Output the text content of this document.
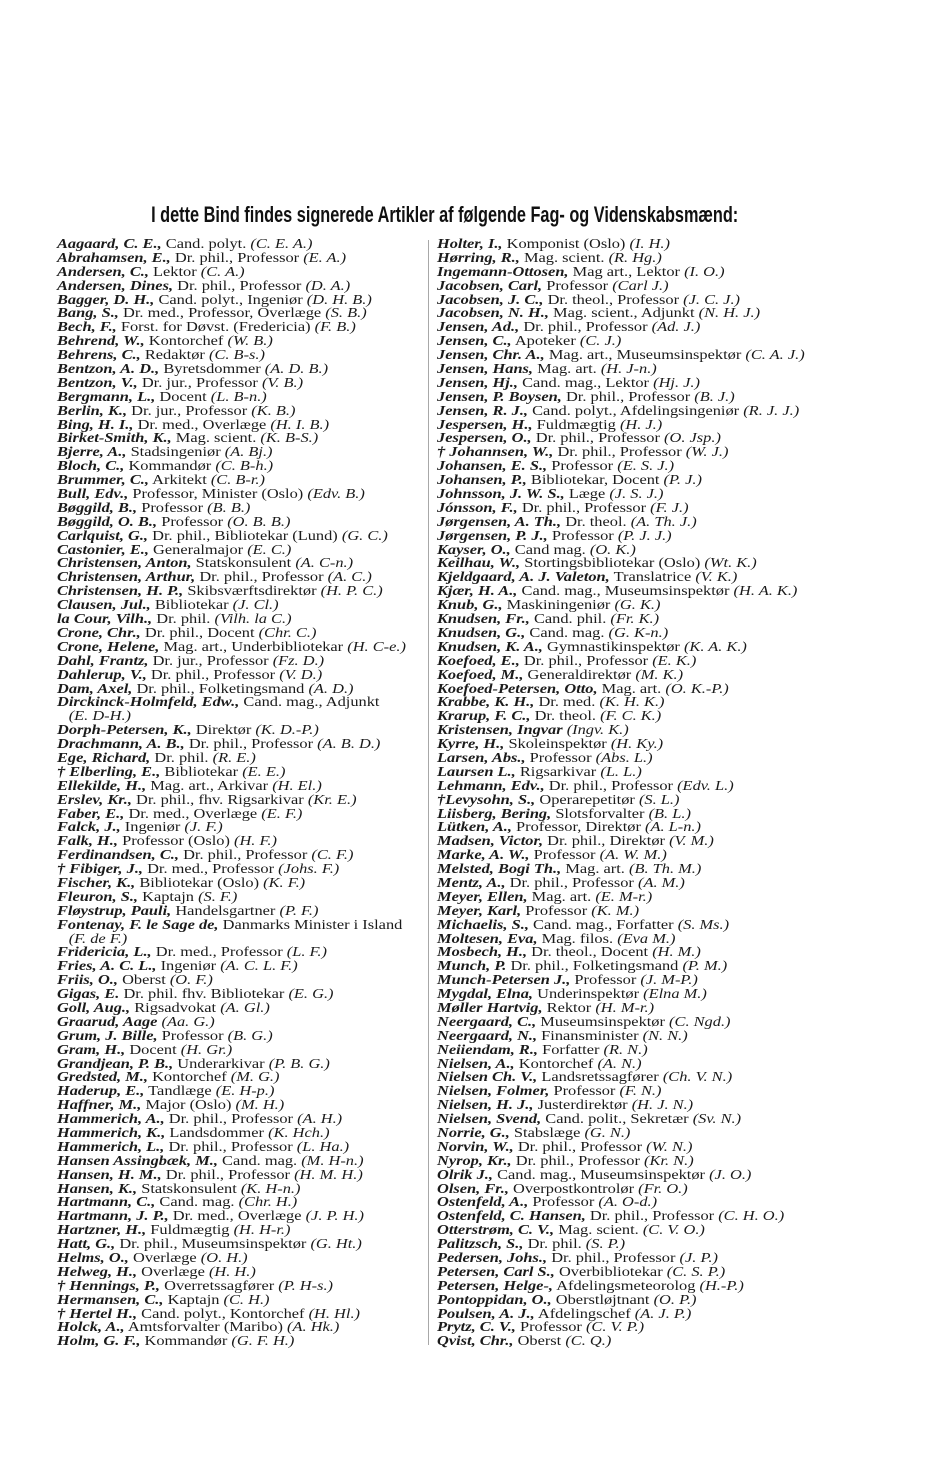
I dette Bind findes signerede Artikler af følgende Fag- og Videnskabsmænd:
Aagaard, C. E., Cand. polyt. (C. E. A.)
Abrahamsen, E., Dr. phil., Professor (E. A.)
Andersen, C., Lektor (C. A.)
Andersen, Dines, Dr. phil., Professor (D. A.)
Bagger, D. H., Cand. polyt., Ingeniør (D. H. B.)
Bang, S., Dr. med., Professor, Overlæge (S. B.)
Bech, F., Forst. for Døvst. (Fredericia) (F. B.)
Behrend, W., Kontorchef (W. B.)
Behrens, C., Redaktør (C. B-s.)
Bentzon, A. D., Byretsdommer (A. D. B.)
Bentzon, V., Dr. jur., Professor (V. B.)
Bergmann, L., Docent (L. B-n.)
Berlin, K., Dr. jur., Professor (K. B.)
Bing, H. I., Dr. med., Overlæge (H. I. B.)
Birket-Smith, K., Mag. scient. (K. B-S.)
Bjerre, A., Stadsingeniør (A. Bj.)
Bloch, C., Kommandør (C. B-h.)
Brummer, C., Arkitekt (C. B-r.)
Bull, Edv., Professor, Minister (Oslo) (Edv. B.)
Bøggild, B., Professor (B. B.)
Bøggild, O. B., Professor (O. B. B.)
Carlquist, G., Dr. phil., Bibliotekar (Lund) (G. C.)
Castonier, E., Generalmajor (E. C.)
Christensen, Anton, Statskonsulent (A. C-n.)
Christensen, Arthur, Dr. phil., Professor (A. C.)
Christensen, H. P., Skibsværftsdirektør (H. P. C.)
Clausen, Jul., Bibliotekar (J. Cl.)
la Cour, Vilh., Dr. phil. (Vilh. la C.)
Crone, Chr., Dr. phil., Docent (Chr. C.)
Crone, Helene, Mag. art., Underbibliotekar (H. C-e.)
Dahl, Frantz, Dr. jur., Professor (Fz. D.)
Dahlerup, V., Dr. phil., Professor (V. D.)
Dam, Axel, Dr. phil., Folketingsmand (A. D.)
Dirckinck-Holmfeld, Edw., Cand. mag., Adjunkt
(E. D-H.)
Dorph-Petersen, K., Direktør (K. D.-P.)
Drachmann, A. B., Dr. phil., Professor (A. B. D.)
Ege, Richard, Dr. phil. (R. E.)
† Elberling, E., Bibliotekar (E. E.)
Ellekilde, H., Mag. art., Arkivar (H. El.)
Erslev, Kr., Dr. phil., fhv. Rigsarkivar (Kr. E.)
Faber, E., Dr. med., Overlæge (E. F.)
Falck, J., Ingeniør (J. F.)
Falk, H., Professor (Oslo) (H. F.)
Ferdinandsen, C., Dr. phil., Professor (C. F.)
† Fibiger, J., Dr. med., Professor (Johs. F.)
Fischer, K., Bibliotekar (Oslo) (K. F.)
Fleuron, S., Kaptajn (S. F.)
Fløystrup, Pauli, Handelsgartner (P. F.)
Fontenay, F. le Sage de, Danmarks Minister i Island
(F. de F.)
Fridericia, L., Dr. med., Professor (L. F.)
Fries, A. C. L., Ingeniør (A. C. L. F.)
Friis, O., Oberst (O. F.)
Gigas, E. Dr. phil. fhv. Bibliotekar (E. G.)
Goll, Aug., Rigsadvokat (A. Gl.)
Graarud, Aage (Aa. G.)
Grum, J. Bille, Professor (B. G.)
Gram, H., Docent (H. Gr.)
Grandjean, P. B., Underarkivar (P. B. G.)
Gredsted, M., Kontorchef (M. G.)
Haderup, E., Tandlæge (E. H-p.)
Haffner, M., Major (Oslo) (M. H.)
Hammerich, A., Dr. phil., Professor (A. H.)
Hammerich, K., Landsdommer (K. Hch.)
Hammerich, L., Dr. phil., Professor (L. Ha.)
Hansen Assingbæk, M., Cand. mag. (M. H-n.)
Hansen, H. M., Dr. phil., Professor (H. M. H.)
Hansen, K., Statskonsulent (K. H-n.)
Hartmann, C., Cand. mag. (Chr. H.)
Hartmann, J. P., Dr. med., Overlæge (J. P. H.)
Hartzner, H., Fuldmægtig (H. H-r.)
Hatt, G., Dr. phil., Museumsinspektør (G. Ht.)
Helms, O., Overlæge (O. H.)
Helweg, H., Overlæge (H. H.)
† Hennings, P., Overretssagfører (P. H-s.)
Hermansen, C., Kaptajn (C. H.)
† Hertel H., Cand. polyt., Kontorchef (H. Hl.)
Holck, A., Amtsforvalter (Maribo) (A. Hk.)
Holm, G. F., Kommandør (G. F. H.)
Holter, I., Komponist (Oslo) (I. H.)
Hørring, R., Mag. scient. (R. Hg.)
Ingemann-Ottosen, Mag art., Lektor (I. O.)
Jacobsen, Carl, Professor (Carl J.)
Jacobsen, J. C., Dr. theol., Professor (J. C. J.)
Jacobsen, N. H., Mag. scient., Adjunkt (N. H. J.)
Jensen, Ad., Dr. phil., Professor (Ad. J.)
Jensen, C., Apoteker (C. J.)
Jensen, Chr. A., Mag. art., Museumsinspektør (C. A. J.)
Jensen, Hans, Mag. art. (H. J-n.)
Jensen, Hj., Cand. mag., Lektor (Hj. J.)
Jensen, P. Boysen, Dr. phil., Professor (B. J.)
Jensen, R. J., Cand. polyt., Afdelingsingeniør (R. J. J.)
Jespersen, H., Fuldmægtig (H. J.)
Jespersen, O., Dr. phil., Professor (O. Jsp.)
† Johannsen, W., Dr. phil., Professor (W. J.)
Johansen, E. S., Professor (E. S. J.)
Johansen, P., Bibliotekar, Docent (P. J.)
Johnsson, J. W. S., Læge (J. S. J.)
Jónsson, F., Dr. phil., Professor (F. J.)
Jørgensen, A. Th., Dr. theol. (A. Th. J.)
Jørgensen, P. J., Professor (P. J. J.)
Kayser, O., Cand mag. (O. K.)
Keilhau, W., Stortingsbibliotekar (Oslo) (Wt. K.)
Kjeldgaard, A. J. Valeton, Translatrice (V. K.)
Kjær, H. A., Cand. mag., Museumsinspektør (H. A. K.)
Knub, G., Maskiningeniør (G. K.)
Knudsen, Fr., Cand. phil. (Fr. K.)
Knudsen, G., Cand. mag. (G. K-n.)
Knudsen, K. A., Gymnastikinspektør (K. A. K.)
Koefoed, E., Dr. phil., Professor (E. K.)
Koefoed, M., Generaldirektør (M. K.)
Koefoed-Petersen, Otto, Mag. art. (O. K.-P.)
Krabbe, K. H., Dr. med. (K. H. K.)
Krarup, F. C., Dr. theol. (F. C. K.)
Kristensen, Ingvar (Ingv. K.)
Kyrre, H., Skoleinspektør (H. Ky.)
Larsen, Abs., Professor (Abs. L.)
Laursen L., Rigsarkivar (L. L.)
Lehmann, Edv., Dr. phil., Professor (Edv. L.)
†Levysohn, S., Operarepetitør (S. L.)
Liisberg, Bering, Slotsforvalter (B. L.)
Lütken, A., Professor, Direktør (A. L-n.)
Madsen, Victor, Dr. phil., Direktør (V. M.)
Marke, A. W., Professor (A. W. M.)
Melsted, Bogi Th., Mag. art. (B. Th. M.)
Mentz, A., Dr. phil., Professor (A. M.)
Meyer, Ellen, Mag. art. (E. M-r.)
Meyer, Karl, Professor (K. M.)
Michaelis, S., Cand. mag., Forfatter (S. Ms.)
Moltesen, Eva, Mag. filos. (Eva M.)
Mosbech, H., Dr. theol., Docent (H. M.)
Munch, P. Dr. phil., Folketingsmand (P. M.)
Munch-Petersen J., Professor (J. M-P.)
Mygdal, Elna, Underinspektør (Elna M.)
Møller Hartvig, Rektor (H. M-r.)
Neergaard, C., Museumsinspektør (C. Ngd.)
Neergaard, N., Finansminister (N. N.)
Neiiendam, R., Forfatter (R. N.)
Nielsen, A., Kontorchef (A. N.)
Nielsen Ch. V., Landsretssagfører (Ch. V. N.)
Nielsen, Folmer, Professor (F. N.)
Nielsen, H. J., Justerdirektør (H. J. N.)
Nielsen, Svend, Cand. polit., Sekretær (Sv. N.)
Norrie, G., Stabslæge (G. N.)
Norvin, W., Dr. phil., Professor (W. N.)
Nyrop, Kr., Dr. phil., Professor (Kr. N.)
Olrik J., Cand. mag., Museumsinspektør (J. O.)
Olsen, Fr., Overpostkontrolør (Fr. O.)
Ostenfeld, A., Professor (A. O-d.)
Ostenfeld, C. Hansen, Dr. phil., Professor (C. H. O.)
Otterstrøm, C. V., Mag. scient. (C. V. O.)
Palitzsch, S., Dr. phil. (S. P.)
Pedersen, Johs., Dr. phil., Professor (J. P.)
Petersen, Carl S., Overbibliotekar (C. S. P.)
Petersen, Helge-, Afdelingsmeteorolog (H.-P.)
Pontoppidan, O., Oberstløjtnant (O. P.)
Poulsen, A. J., Afdelingschef (A. J. P.)
Prytz, C. V., Professor (C. V. P.)
Qvist, Chr., Oberst (C. Q.)
